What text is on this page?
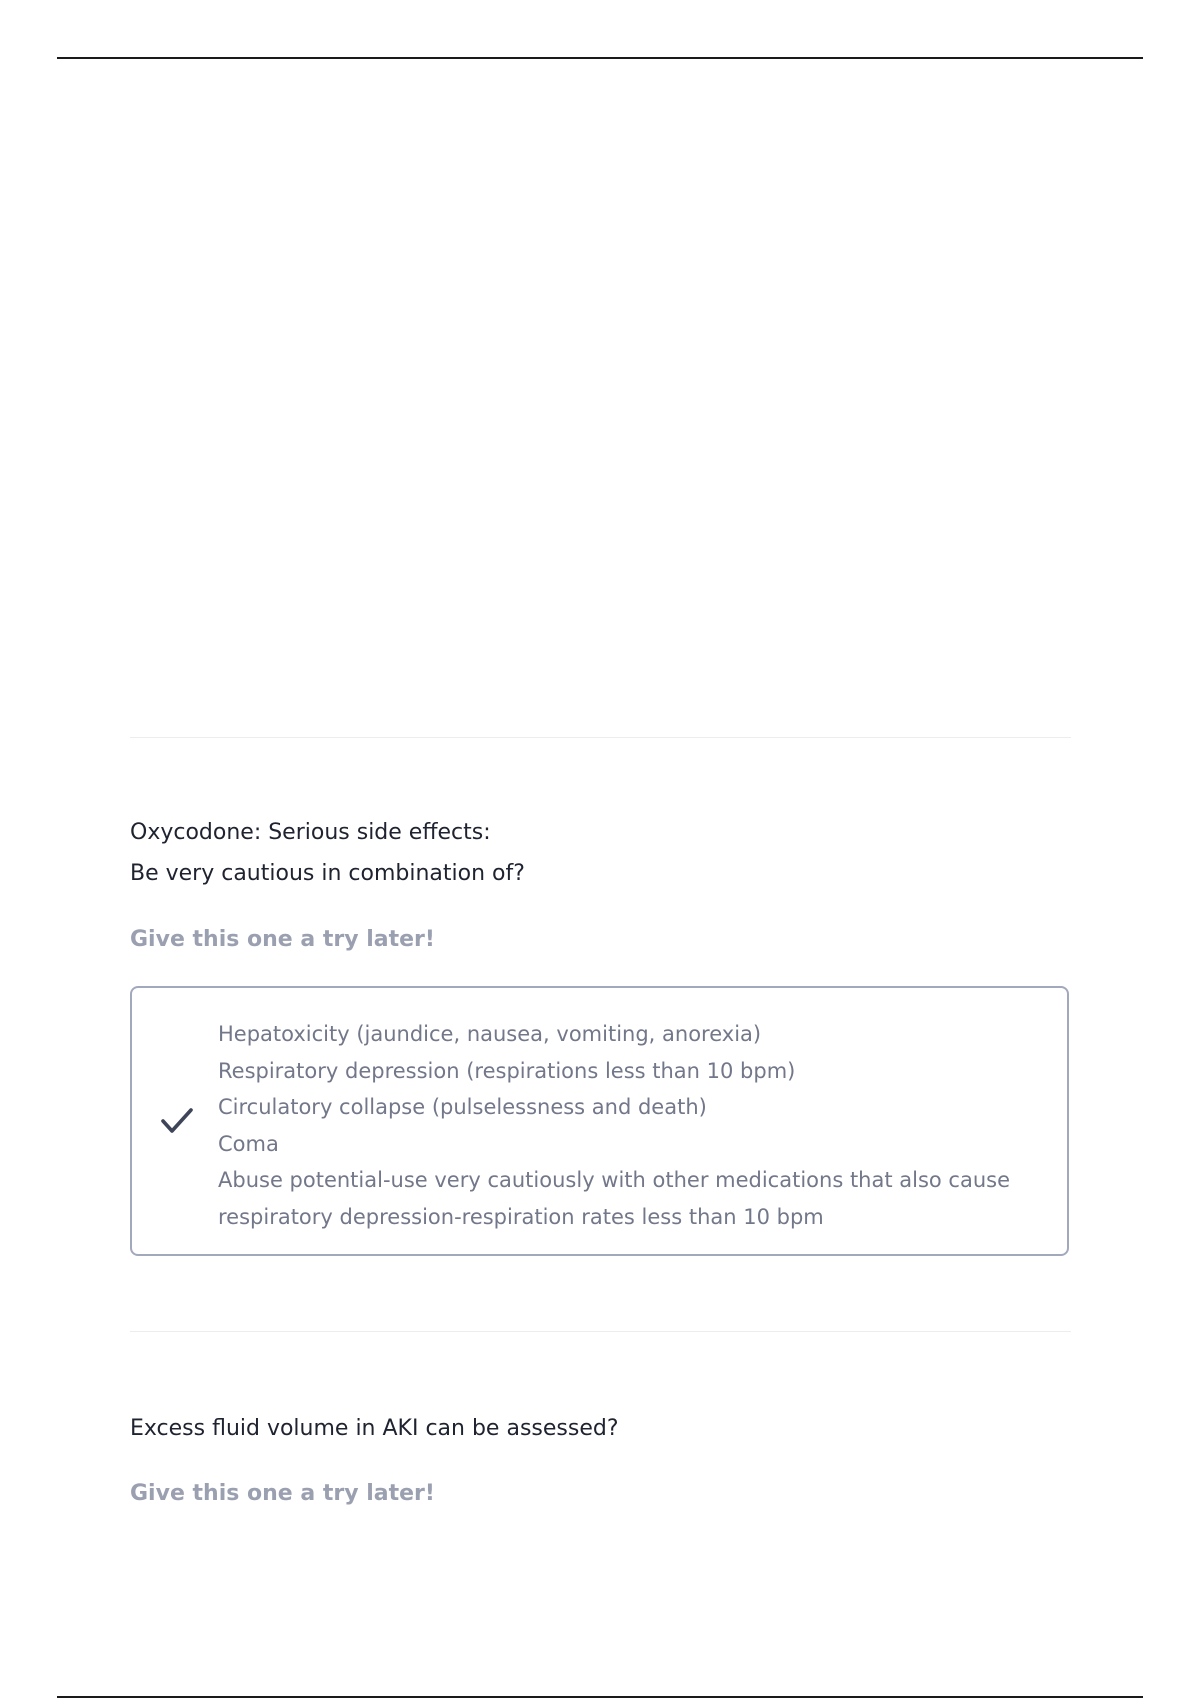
Oxycodone: Serious side effects:
Be very cautious in combination of?
Give this one a try later!
Hepatoxicity (jaundice, nausea, vomiting, anorexia)
Respiratory depression (respirations less than 10 bpm)
Circulatory collapse (pulselessness and death)
Coma
Abuse potential-use very cautiously with other medications that also cause
respiratory depression-respiration rates less than 10 bpm
Excess fluid volume in AKI can be assessed?
Give this one a try later!
